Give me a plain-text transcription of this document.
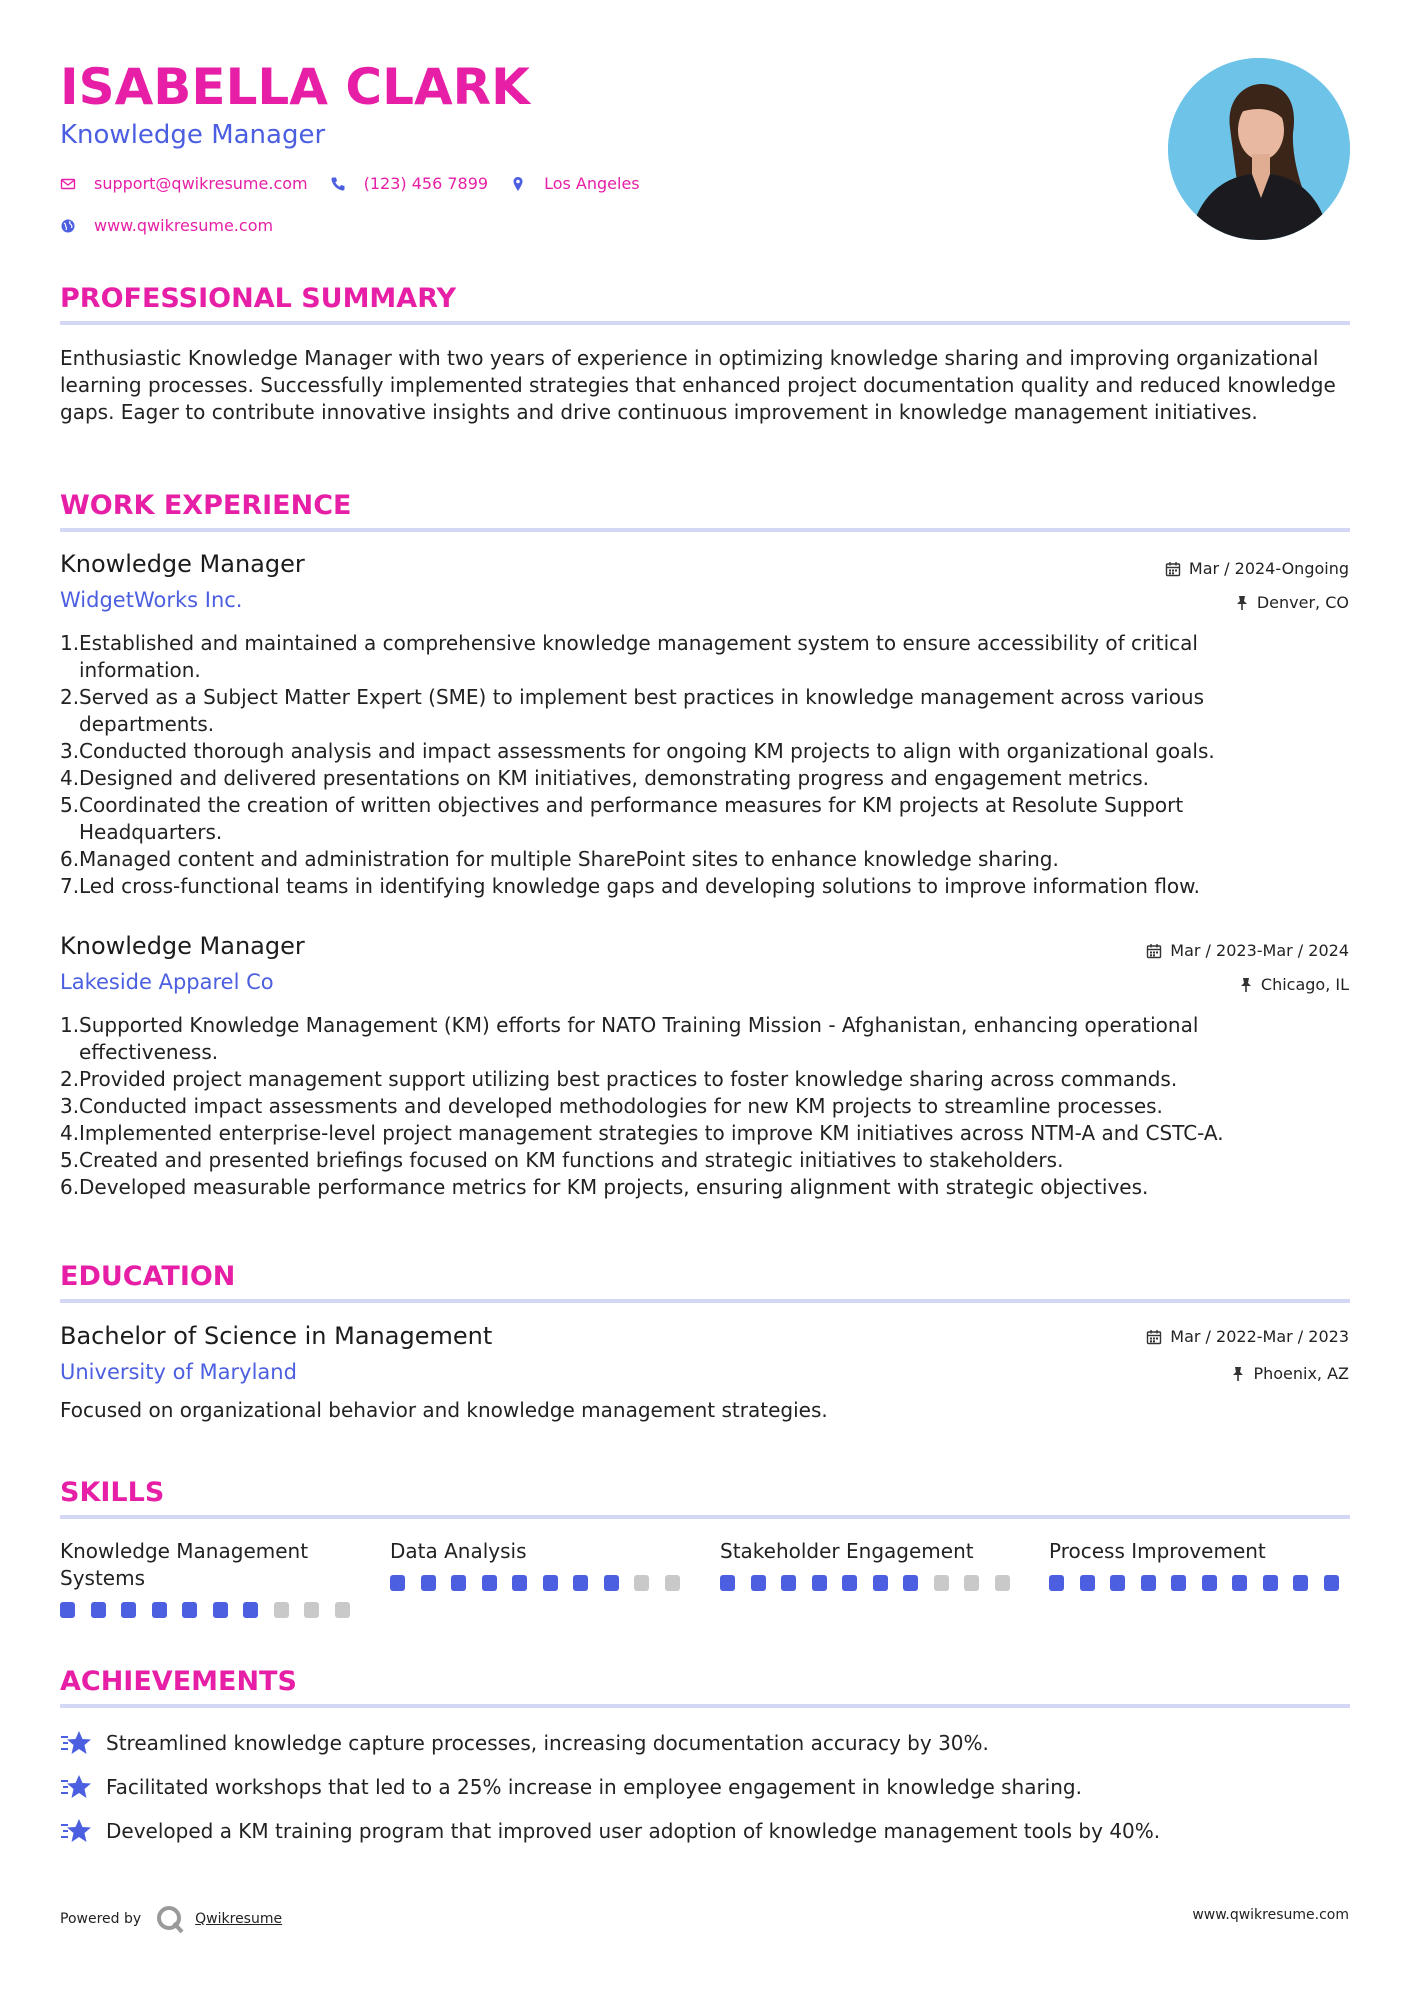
ISABELLA CLARK
Knowledge Manager
support@qwikresume.com	(123) 456 7899	Los Angeles
www.qwikresume.com
PROFESSIONAL SUMMARY
Enthusiastic Knowledge Manager with two years of experience in optimizing knowledge sharing and improving organizational learning processes. Successfully implemented strategies that enhanced project documentation quality and reduced knowledge gaps. Eager to contribute innovative insights and drive continuous improvement in knowledge management initiatives.
WORK EXPERIENCE
Knowledge Manager	Mar / 2024-Ongoing
WidgetWorks Inc.	Denver, CO
1. Established and maintained a comprehensive knowledge management system to ensure accessibility of critical information.
2. Served as a Subject Matter Expert (SME) to implement best practices in knowledge management across various departments.
3. Conducted thorough analysis and impact assessments for ongoing KM projects to align with organizational goals.
4. Designed and delivered presentations on KM initiatives, demonstrating progress and engagement metrics.
5. Coordinated the creation of written objectives and performance measures for KM projects at Resolute Support Headquarters.
6. Managed content and administration for multiple SharePoint sites to enhance knowledge sharing.
7. Led cross-functional teams in identifying knowledge gaps and developing solutions to improve information flow.
Knowledge Manager	Mar / 2023-Mar / 2024
Lakeside Apparel Co	Chicago, IL
1. Supported Knowledge Management (KM) efforts for NATO Training Mission - Afghanistan, enhancing operational effectiveness.
2. Provided project management support utilizing best practices to foster knowledge sharing across commands.
3. Conducted impact assessments and developed methodologies for new KM projects to streamline processes.
4. Implemented enterprise-level project management strategies to improve KM initiatives across NTM-A and CSTC-A.
5. Created and presented briefings focused on KM functions and strategic initiatives to stakeholders.
6. Developed measurable performance metrics for KM projects, ensuring alignment with strategic objectives.
EDUCATION
Bachelor of Science in Management	Mar / 2022-Mar / 2023
University of Maryland	Phoenix, AZ
Focused on organizational behavior and knowledge management strategies.
SKILLS
Knowledge Management Systems
Data Analysis	Stakeholder Engagement	Process Improvement
ACHIEVEMENTS
Streamlined knowledge capture processes, increasing documentation accuracy by 30%.
Facilitated workshops that led to a 25% increase in employee engagement in knowledge sharing.
Developed a KM training program that improved user adoption of knowledge management tools by 40%.
Powered by	Qwikresume	www.qwikresume.com
